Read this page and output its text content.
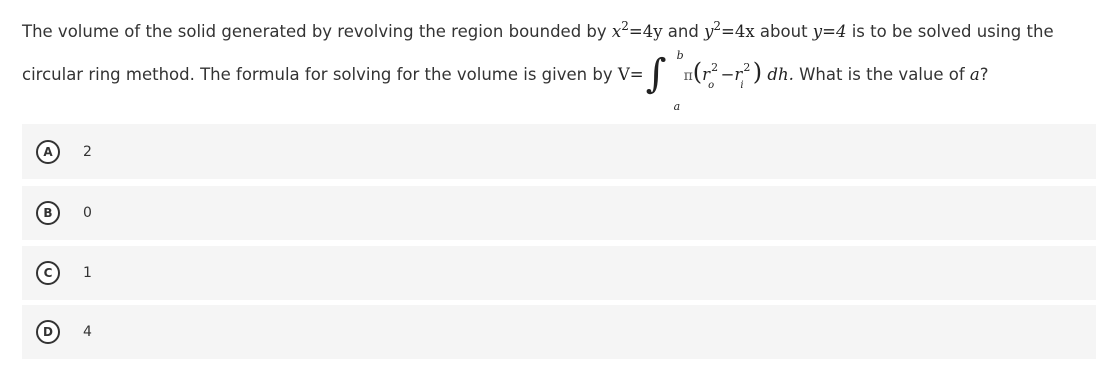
The volume of the solid generated by revolving the region bounded by $x^2=4y$ and $y^2=4x$ about y=4 is to be solved using the
circular ring method. The formula for solving for the volume is given by V= ∫ b
a
π(r
o
2 −r
i
2 ) dh. What is the value of a?
A	2
B	0
C	1
D	4
